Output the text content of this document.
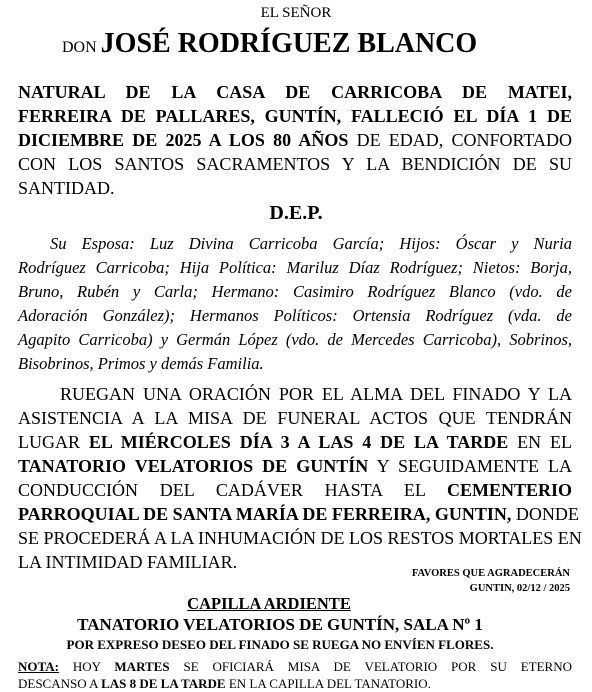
EL SEÑOR
DON JOSÉ RODRÍGUEZ BLANCO
NATURAL DE LA CASA DE CARRICOBA DE MATEI,
FERREIRA DE PALLARES, GUNTÍN, FALLECIÓ EL DÍA 1 DE
DICIEMBRE DE 2025 A LOS 80 AÑOS DE EDAD, CONFORTADO
CON LOS SANTOS SACRAMENTOS Y LA BENDICIÓN DE SU
SANTIDAD.
D.E.P.
Su Esposa: Luz Divina Carricoba García; Hijos: Óscar y Nuria
Rodríguez Carricoba; Hija Política: Mariluz Díaz Rodríguez; Nietos: Borja,
Bruno, Rubén y Carla; Hermano: Casimiro Rodríguez Blanco (vdo. de
Adoración González); Hermanos Políticos: Ortensia Rodríguez (vda. de
Agapito Carricoba) y Germán López (vdo. de Mercedes Carricoba), Sobrinos,
Bisobrinos, Primos y demás Familia.
RUEGAN UNA ORACIÓN POR EL ALMA DEL FINADO Y LA
ASISTENCIA A LA MISA DE FUNERAL ACTOS QUE TENDRÁN
LUGAR EL MIÉRCOLES DÍA 3 A LAS 4 DE LA TARDE EN EL
TANATORIO VELATORIOS DE GUNTÍN Y SEGUIDAMENTE LA
CONDUCCIÓN DEL CADÁVER HASTA EL CEMENTERIO
PARROQUIAL DE SANTA MARÍA DE FERREIRA, GUNTIN, DONDE
SE PROCEDERÁ A LA INHUMACIÓN DE LOS RESTOS MORTALES EN
LA INTIMIDAD FAMILIAR.
FAVORES QUE AGRADECERÁN
GUNTIN, 02/12 / 2025
CAPILLA ARDIENTE
TANATORIO VELATORIOS DE GUNTÍN, SALA Nº 1
POR EXPRESO DESEO DEL FINADO SE RUEGA NO ENVÍEN FLORES.
NOTA: HOY MARTES SE OFICIARÁ MISA DE VELATORIO POR SU ETERNO
DESCANSO A LAS 8 DE LA TARDE EN LA CAPILLA DEL TANATORIO.
